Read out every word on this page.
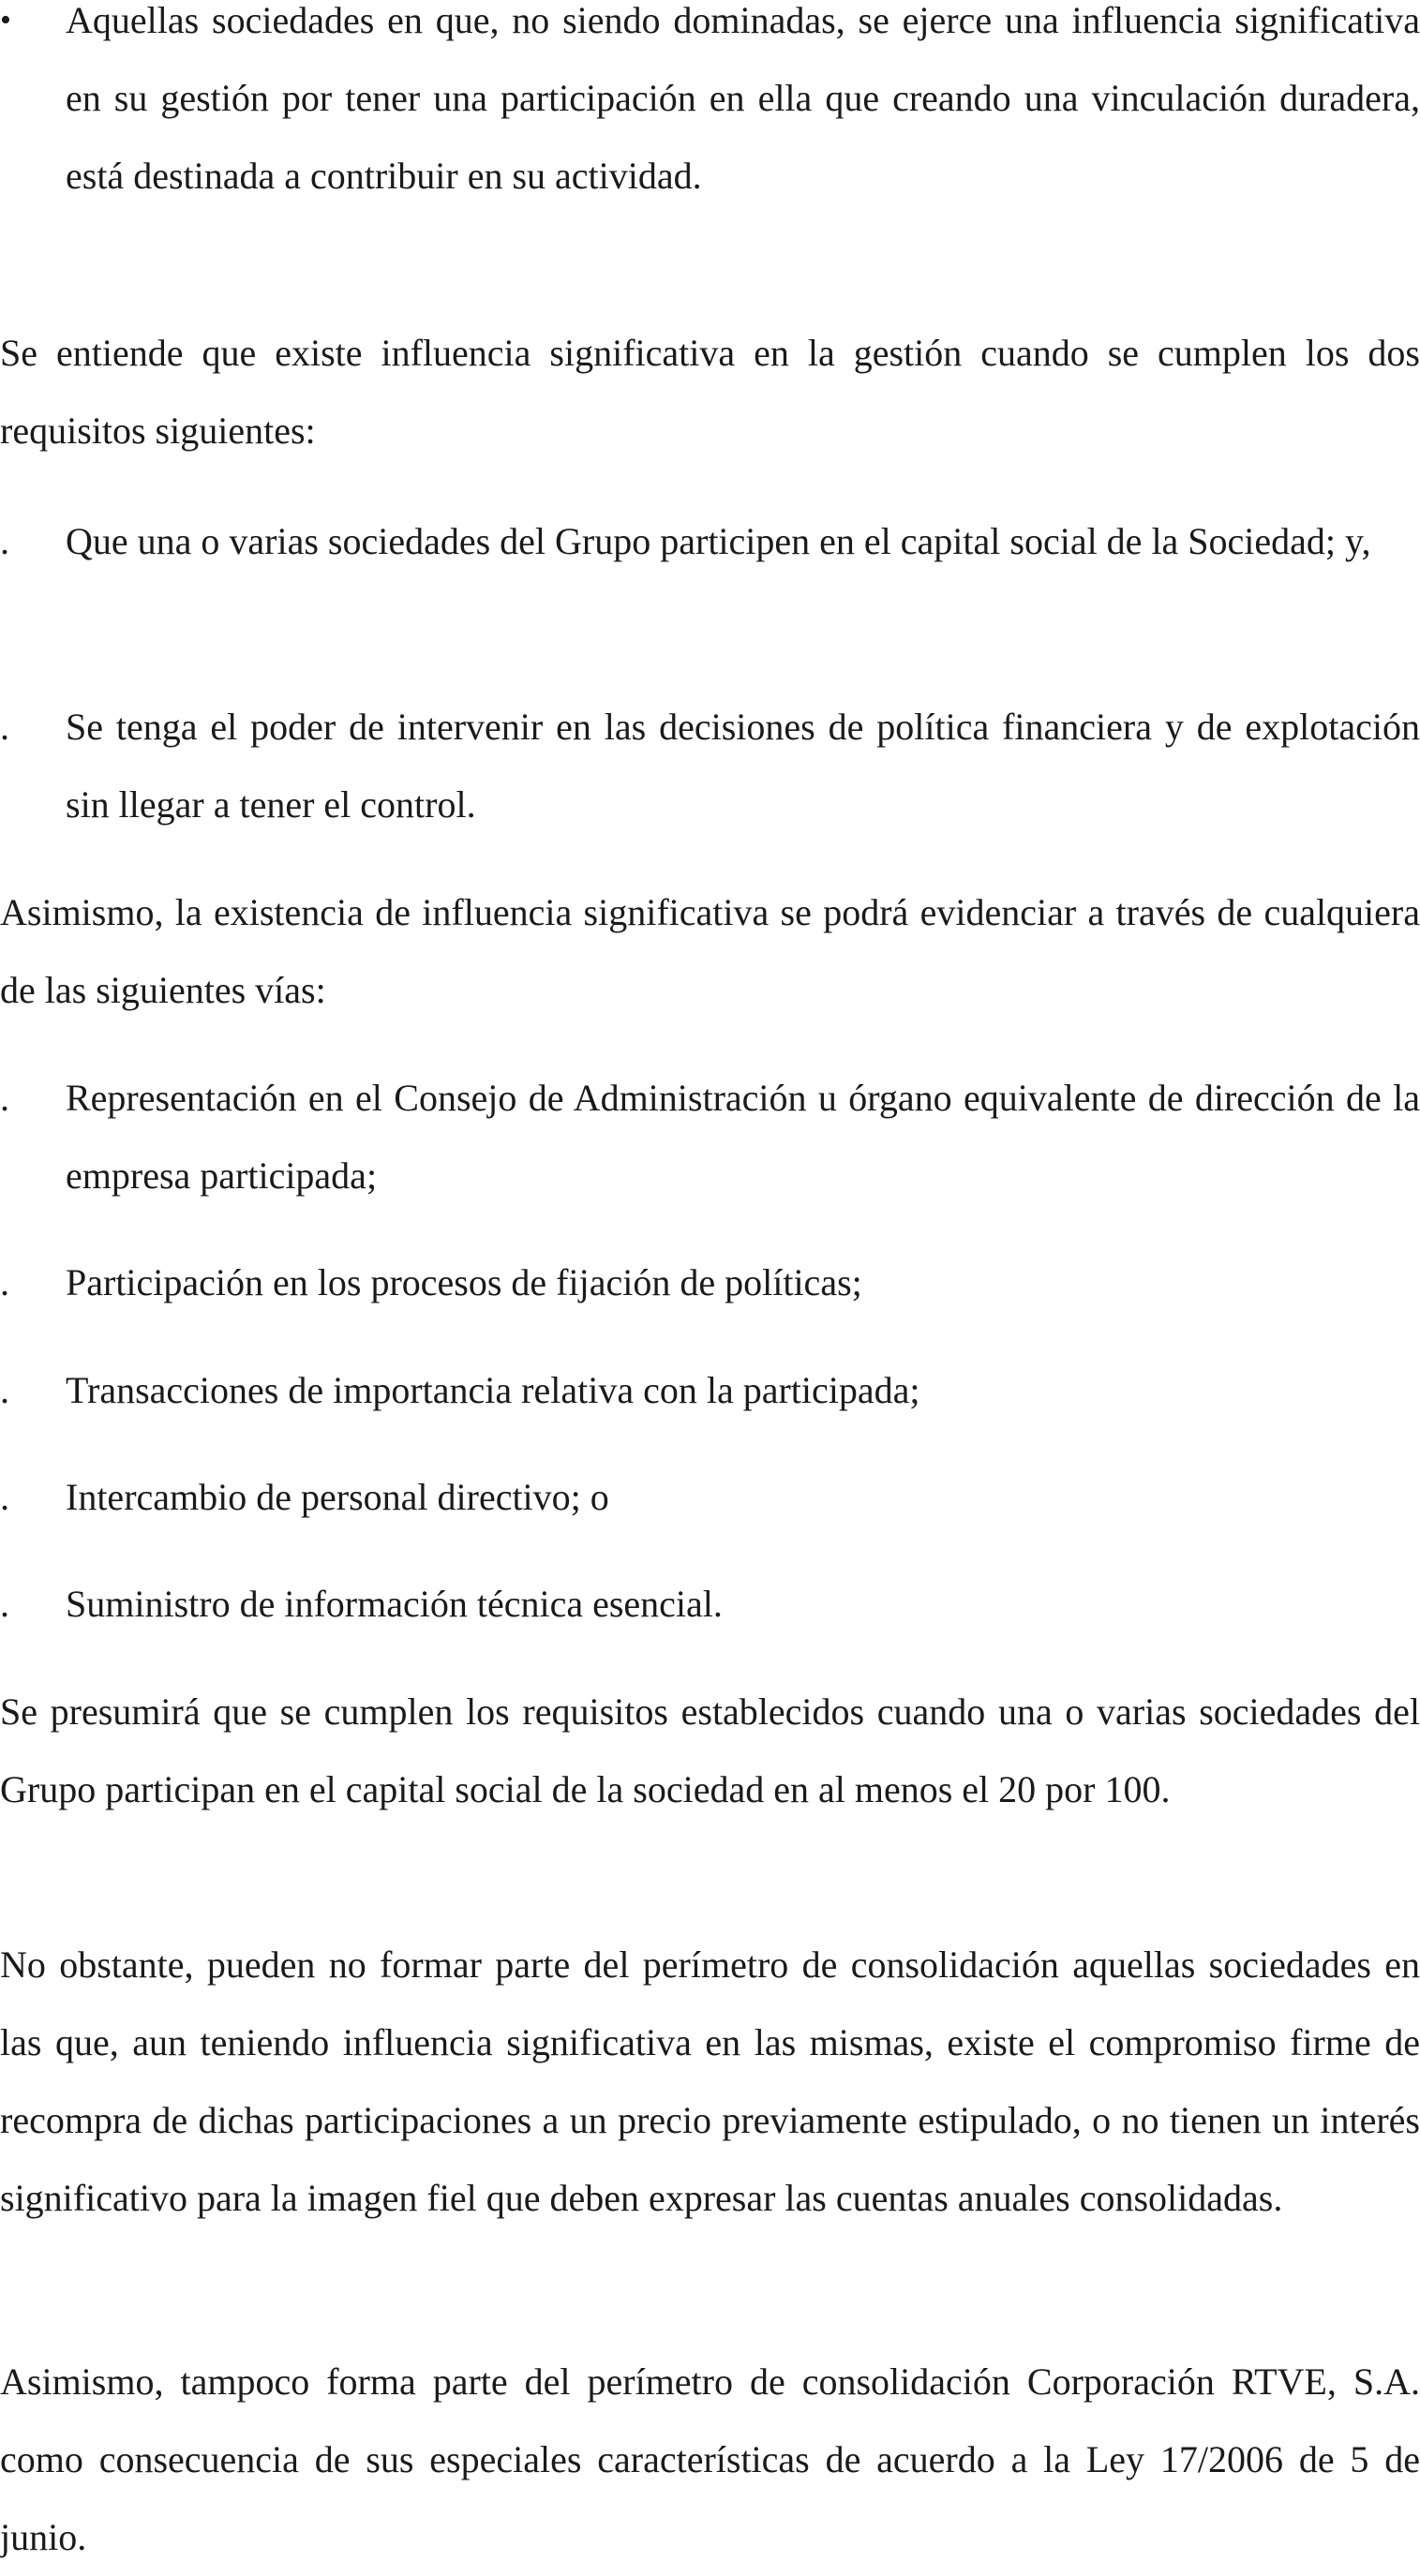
•	Aquellas sociedades en que, no siendo dominadas, se ejerce una influencia significativa en su gestión por tener una participación en ella que creando una vinculación duradera, está destinada a contribuir en su actividad.

Se entiende que existe influencia significativa en la gestión cuando se cumplen los dos requisitos siguientes:

.	Que una o varias sociedades del Grupo participen en el capital social de la Sociedad; y,
.	Se tenga el poder de intervenir en las decisiones de política financiera y de explotación sin llegar a tener el control.

Asimismo, la existencia de influencia significativa se podrá evidenciar a través de cualquiera de las siguientes vías:

.	Representación en el Consejo de Administración u órgano equivalente de dirección de la empresa participada;
.	Participación en los procesos de fijación de políticas;
.	Transacciones de importancia relativa con la participada;
.	Intercambio de personal directivo; o
.	Suministro de información técnica esencial.

Se presumirá que se cumplen los requisitos establecidos cuando una o varias sociedades del Grupo participan en el capital social de la sociedad en al menos el 20 por 100.

No obstante, pueden no formar parte del perímetro de consolidación aquellas sociedades en las que, aun teniendo influencia significativa en las mismas, existe el compromiso firme de recompra de dichas participaciones a un precio previamente estipulado, o no tienen un interés significativo para la imagen fiel que deben expresar las cuentas anuales consolidadas.

Asimismo, tampoco forma parte del perímetro de consolidación Corporación RTVE, S.A. como consecuencia de sus especiales características de acuerdo a la Ley 17/2006 de 5 de junio.
